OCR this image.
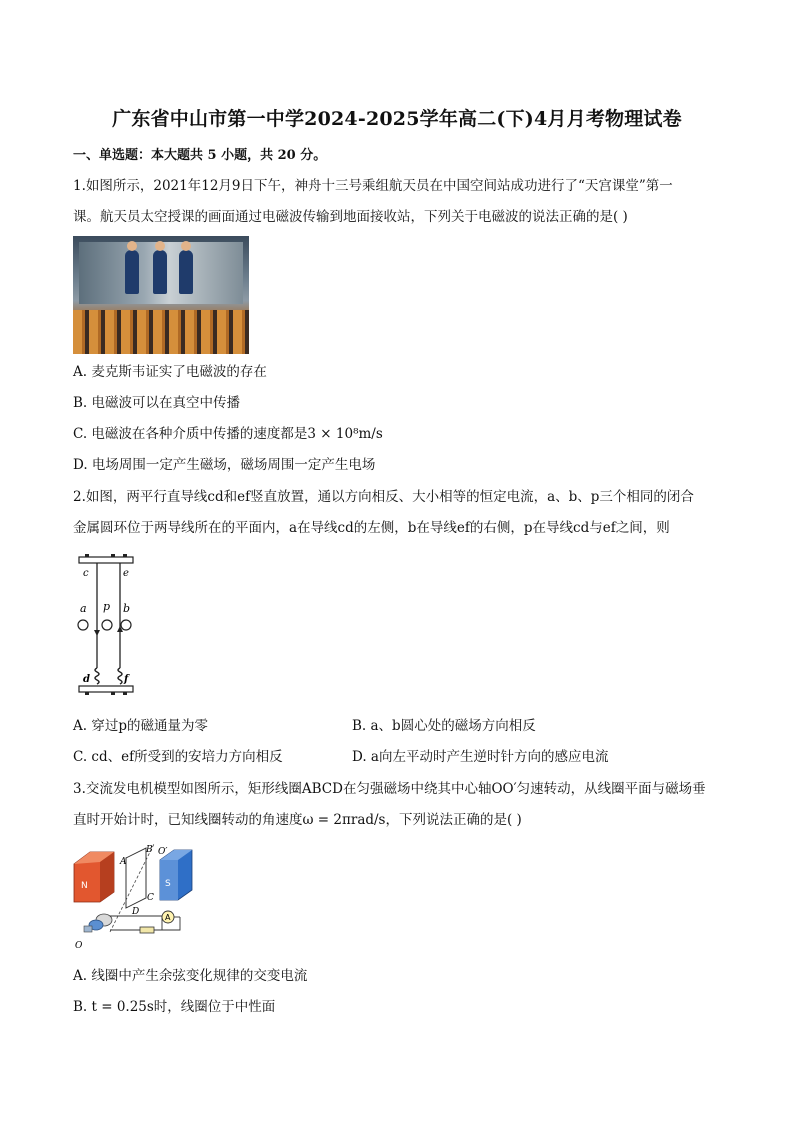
广东省中山市第一中学2024-2025学年高二(下)4月月考物理试卷
一、单选题：本大题共 5 小题，共 20 分。
1.如图所示，2021年12月9日下午，神舟十三号乘组航天员在中国空间站成功进行了“天宫课堂”第一
课。航天员太空授课的画面通过电磁波传输到地面接收站，下列关于电磁波的说法正确的是( )
A. 麦克斯韦证实了电磁波的存在
B. 电磁波可以在真空中传播
C. 电磁波在各种介质中传播的速度都是3 × 10⁸m/s
D. 电场周围一定产生磁场，磁场周围一定产生电场
2.如图，两平行直导线cd和ef竖直放置，通以方向相反、大小相等的恒定电流，a、b、p三个相同的闭合
金属圆环位于两导线所在的平面内，a在导线cd的左侧，b在导线ef的右侧，p在导线cd与ef之间，则
c	e
a p b
d	f
A. 穿过p的磁通量为零	B. a、b圆心处的磁场方向相反
C. cd、ef所受到的安培力方向相反	D. a向左平动时产生逆时针方向的感应电流
3.交流发电机模型如图所示，矩形线圈ABCD在匀强磁场中绕其中心轴OO′匀速转动，从线圈平面与磁场垂
直时开始计时，已知线圈转动的角速度ω = 2πrad/s，下列说法正确的是( )
N	S
A
B O′
C
D
A
O
A. 线圈中产生余弦变化规律的交变电流
B. t = 0.25s时，线圈位于中性面
